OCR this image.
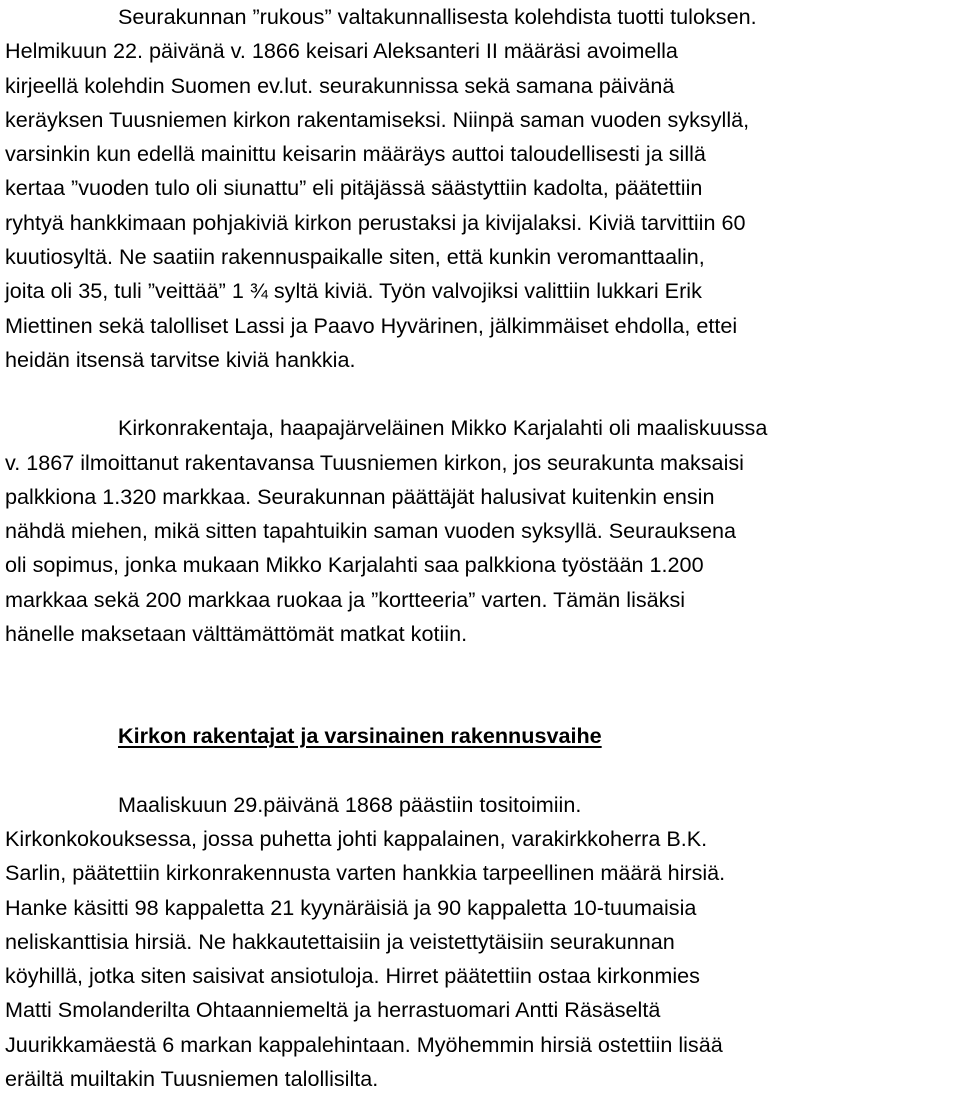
Seurakunnan ”rukous” valtakunnallisesta kolehdista tuotti tuloksen.
Helmikuun 22. päivänä v. 1866 keisari Aleksanteri II määräsi avoimella
kirjeellä kolehdin Suomen ev.lut. seurakunnissa sekä samana päivänä
keräyksen Tuusniemen kirkon rakentamiseksi. Niinpä saman vuoden syksyllä,
varsinkin kun edellä mainittu keisarin määräys auttoi taloudellisesti ja sillä
kertaa ”vuoden tulo oli siunattu” eli pitäjässä säästyttiin kadolta, päätettiin
ryhtyä hankkimaan pohjakiviä kirkon perustaksi ja kivijalaksi. Kiviä tarvittiin 60
kuutiosyltä. Ne saatiin rakennuspaikalle siten, että kunkin veromanttaalin,
joita oli 35, tuli ”veittää” 1 ¾ syltä kiviä. Työn valvojiksi valittiin lukkari Erik
Miettinen sekä talolliset Lassi ja Paavo Hyvärinen, jälkimmäiset ehdolla, ettei
heidän itsensä tarvitse kiviä hankkia.
Kirkonrakentaja, haapajärveläinen Mikko Karjalahti oli maaliskuussa
v. 1867 ilmoittanut rakentavansa Tuusniemen kirkon, jos seurakunta maksaisi
palkkiona 1.320 markkaa. Seurakunnan päättäjät halusivat kuitenkin ensin
nähdä miehen, mikä sitten tapahtuikin saman vuoden syksyllä. Seurauksena
oli sopimus, jonka mukaan Mikko Karjalahti saa palkkiona työstään 1.200
markkaa sekä 200 markkaa ruokaa ja ”kortteeria” varten. Tämän lisäksi
hänelle maksetaan välttämättömät matkat kotiin.
Kirkon rakentajat ja varsinainen rakennusvaihe
Maaliskuun 29.päivänä 1868 päästiin tositoimiin.
Kirkonkokouksessa, jossa puhetta johti kappalainen, varakirkkoherra B.K.
Sarlin, päätettiin kirkonrakennusta varten hankkia tarpeellinen määrä hirsiä.
Hanke käsitti 98 kappaletta 21 kyynäräisiä ja 90 kappaletta 10-tuumaisia
neliskanttisia hirsiä. Ne hakkautettaisiin ja veistettytäisiin seurakunnan
köyhillä, jotka siten saisivat ansiotuloja. Hirret päätettiin ostaa kirkonmies
Matti Smolanderilta Ohtaanniemeltä ja herrastuomari Antti Räsäseltä
Juurikkamäestä 6 markan kappalehintaan. Myöhemmin hirsiä ostettiin lisää
eräiltä muiltakin Tuusniemen talollisilta.
